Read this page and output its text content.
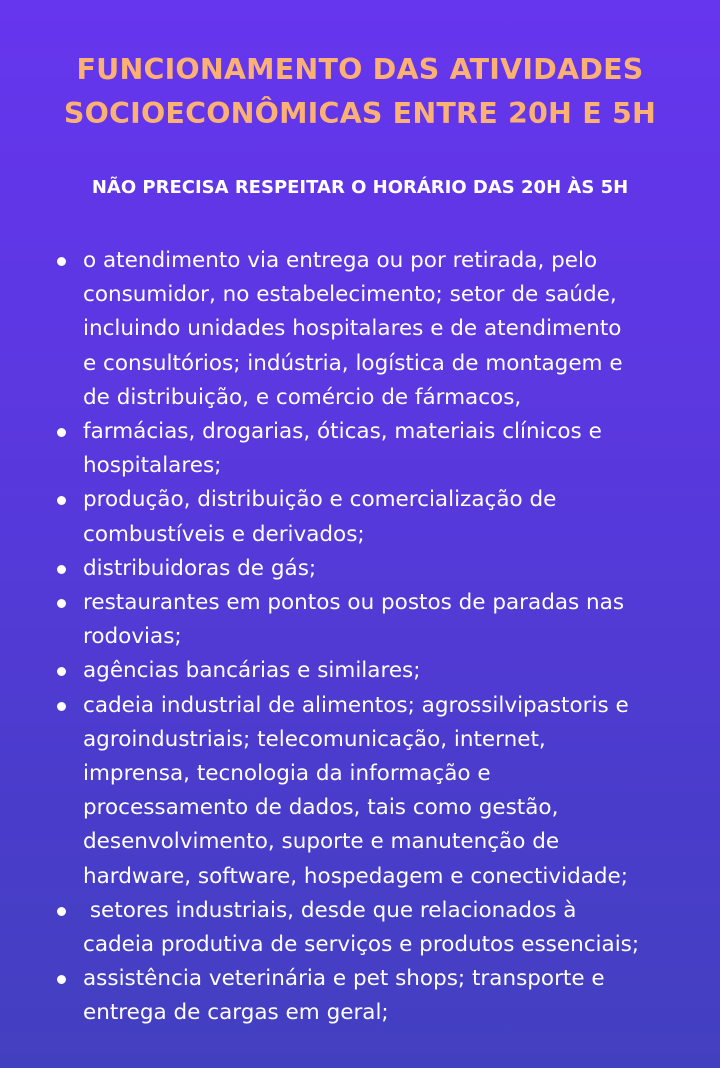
FUNCIONAMENTO DAS ATIVIDADES
SOCIOECONÔMICAS ENTRE 20H E 5H
NÃO PRECISA RESPEITAR O HORÁRIO DAS 20H ÀS 5H
o atendimento via entrega ou por retirada, pelo
consumidor, no estabelecimento; setor de saúde,
incluindo unidades hospitalares e de atendimento
e consultórios; indústria, logística de montagem e
de distribuição, e comércio de fármacos,
farmácias, drogarias, óticas, materiais clínicos e
hospitalares;
produção, distribuição e comercialização de
combustíveis e derivados;
distribuidoras de gás;
restaurantes em pontos ou postos de paradas nas
rodovias;
agências bancárias e similares;
cadeia industrial de alimentos; agrossilvipastoris e
agroindustriais; telecomunicação, internet,
imprensa, tecnologia da informação e
processamento de dados, tais como gestão,
desenvolvimento, suporte e manutenção de
hardware, software, hospedagem e conectividade;
setores industriais, desde que relacionados à
cadeia produtiva de serviços e produtos essenciais;
assistência veterinária e pet shops; transporte e
entrega de cargas em geral;
